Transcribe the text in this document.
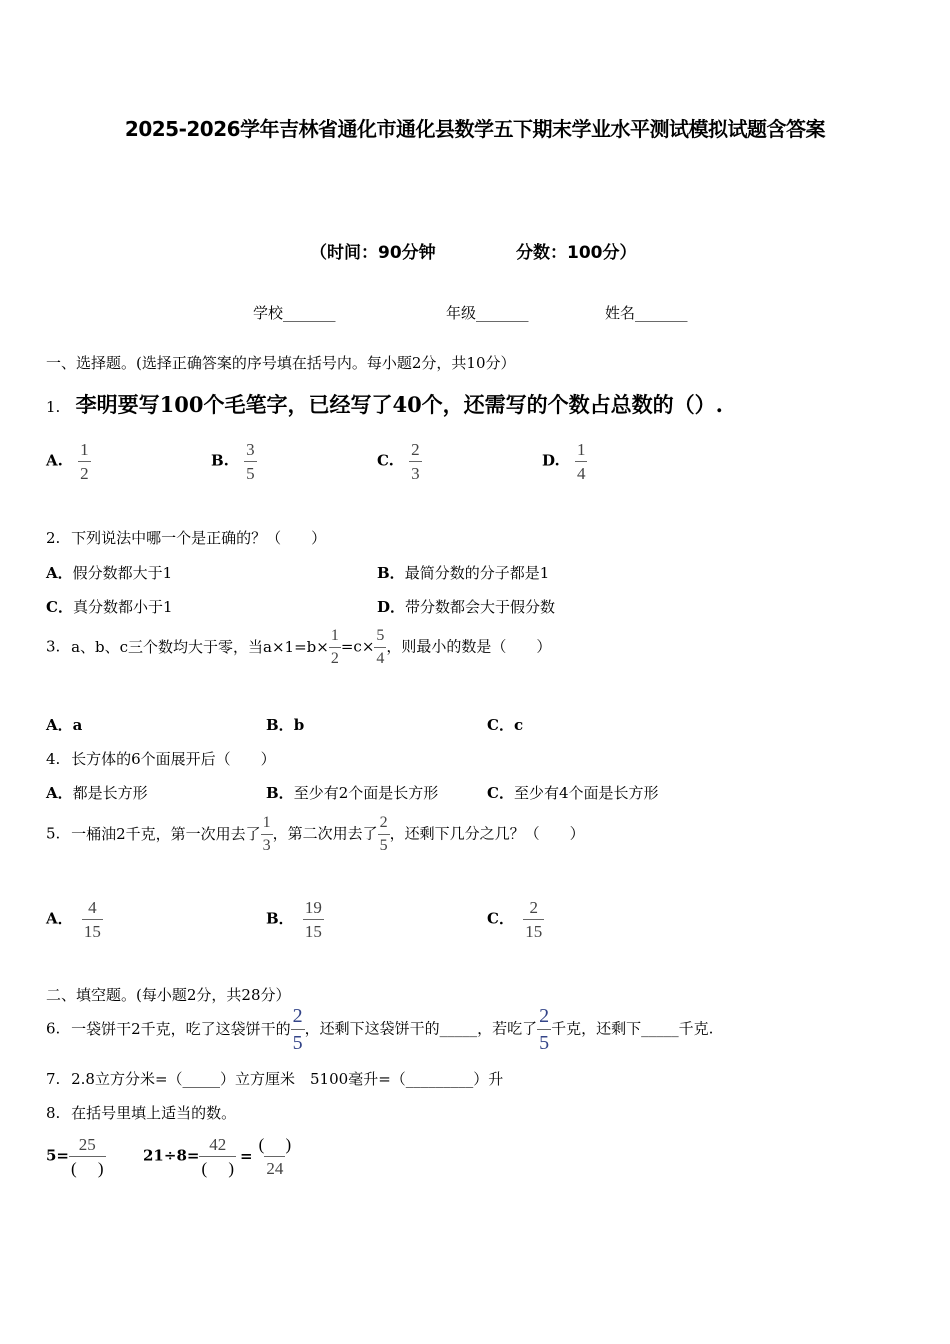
2025-2026学年吉林省通化市通化县数学五下期末学业水平测试模拟试题含答案
（时间：90分钟	分数：100分）
学校_______	年级_______	姓名_______
一、选择题。(选择正确答案的序号填在括号内。每小题2分，共10分）
1. 李明要写100个毛笔字，已经写了40个，还需写的个数占总数的（）.
A. $\frac{1}{2}$	B. $\frac{3}{5}$	C. $\frac{2}{3}$	D. $\frac{1}{4}$
2. 下列说法中哪一个是正确的？（　　）
A．假分数都大于1	B．最简分数的分子都是1
C．真分数都小于1	D．带分数都会大于假分数
3. a、b、c三个数均大于零，当$a\times 1=b\times \frac{1}{2} =c\times \frac{5}{4}$ ，则最小的数是（　　）
A．a	B．b	C．c
4. 长方体的6个面展开后（　　）
A．都是长方形	B．至少有2个面是长方形	C．至少有4个面是长方形
5. 一桶油2千克，第一次用去了 $\frac{1}{3}$ ，第二次用去了 $\frac{2}{5}$ ，还剩下几分之几？（　　）
A． $\frac{4}{15}$	B． $\frac{19}{15}$	C． $\frac{2}{15}$
二、填空题。(每小题2分，共28分）
6. 一袋饼干2千克，吃了这袋饼干的 $\frac{2}{5}$ ，还剩下这袋饼干的_____，若吃了 $\frac{2}{5}$ 千克，还剩下_____千克.
7. 2.8立方分米=（_____）立方厘米　5100毫升=（_________）升
8. 在括号里填上适当的数。
$5= \frac{25}{( )} 21\div 8= \frac{42}{( )} = \frac{( )}{24}$
